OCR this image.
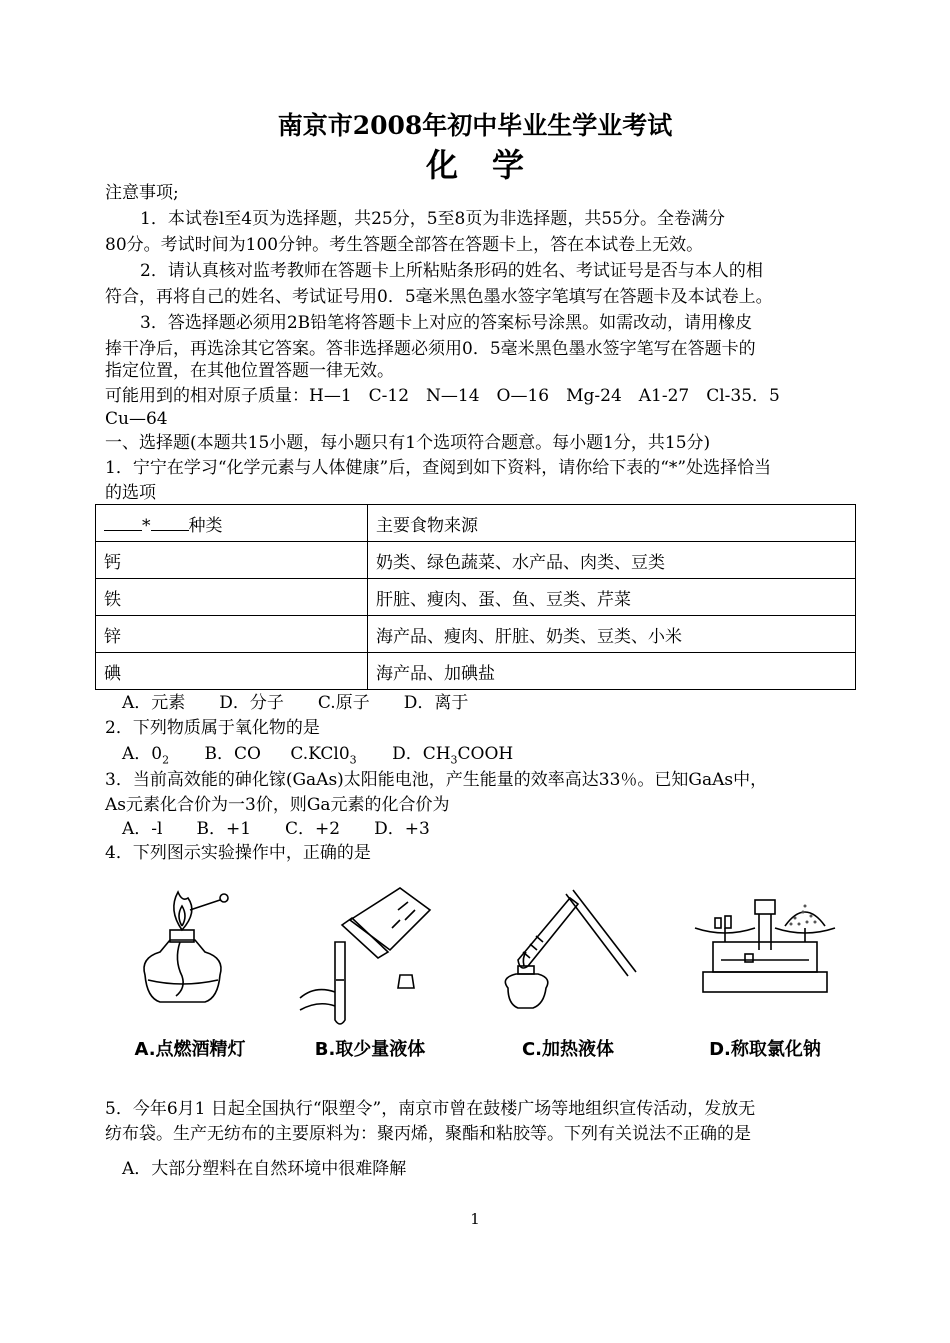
南京市2008年初中毕业生学业考试
化学
注意事项;
1．本试卷l至4页为选择题，共25分，5至8页为非选择题，共55分。全卷满分
80分。考试时间为100分钟。考生答题全部答在答题卡上，答在本试卷上无效。
2．请认真核对监考教师在答题卡上所粘贴条形码的姓名、考试证号是否与本人的相
符合，再将自己的姓名、考试证号用0．5毫米黑色墨水签字笔填写在答题卡及本试卷上。
3．答选择题必须用2B铅笔将答题卡上对应的答案标号涂黑。如需改动，请用橡皮
捧干净后，再选涂其它答案。答非选择题必须用0．5毫米黑色墨水签字笔写在答题卡的
指定位置，在其他位置答题一律无效。
可能用到的相对原子质量：H—1　C-12　N—14　O—16　Mg-24　A1-27　Cl-35．5
Cu—64
一、选择题(本题共15小题，每小题只有1个选项符合题意。每小题1分，共15分)
1．宁宁在学习“化学元素与人体健康”后，查阅到如下资料，请你给下表的“*”处选择恰当
的选项
* 种类	主要食物来源
钙	奶类、绿色蔬菜、水产品、肉类、豆类
铁	肝脏、瘦肉、蛋、鱼、豆类、芹菜
锌	海产品、瘦肉、肝脏、奶类、豆类、小米
碘	海产品、加碘盐
A．元素　　D．分子　　C.原子　　D．离于
2．下列物质属于氧化物的是
A．$0_2$ B．CO $C.KCl0_3$ D．$CH_3COOH$
3．当前高效能的砷化镓(GaAs)太阳能电池，产生能量的效率高达33％。已知GaAs中，
As元素化合价为一3价，则Ga元素的化合价为
A．-l　　B．+1　　C．+2　　D．+3
4．下列图示实验操作中，正确的是
A.点燃酒精灯	B.取少量液体	C.加热液体	D.称取氯化钠
5．今年6月1 日起全国执行“限塑令”，南京市曾在鼓楼广场等地组织宣传活动，发放无
纺布袋。生产无纺布的主要原料为：聚丙烯，聚酯和粘胶等。下列有关说法不正确的是
A．大部分塑料在自然环境中很难降解
1
